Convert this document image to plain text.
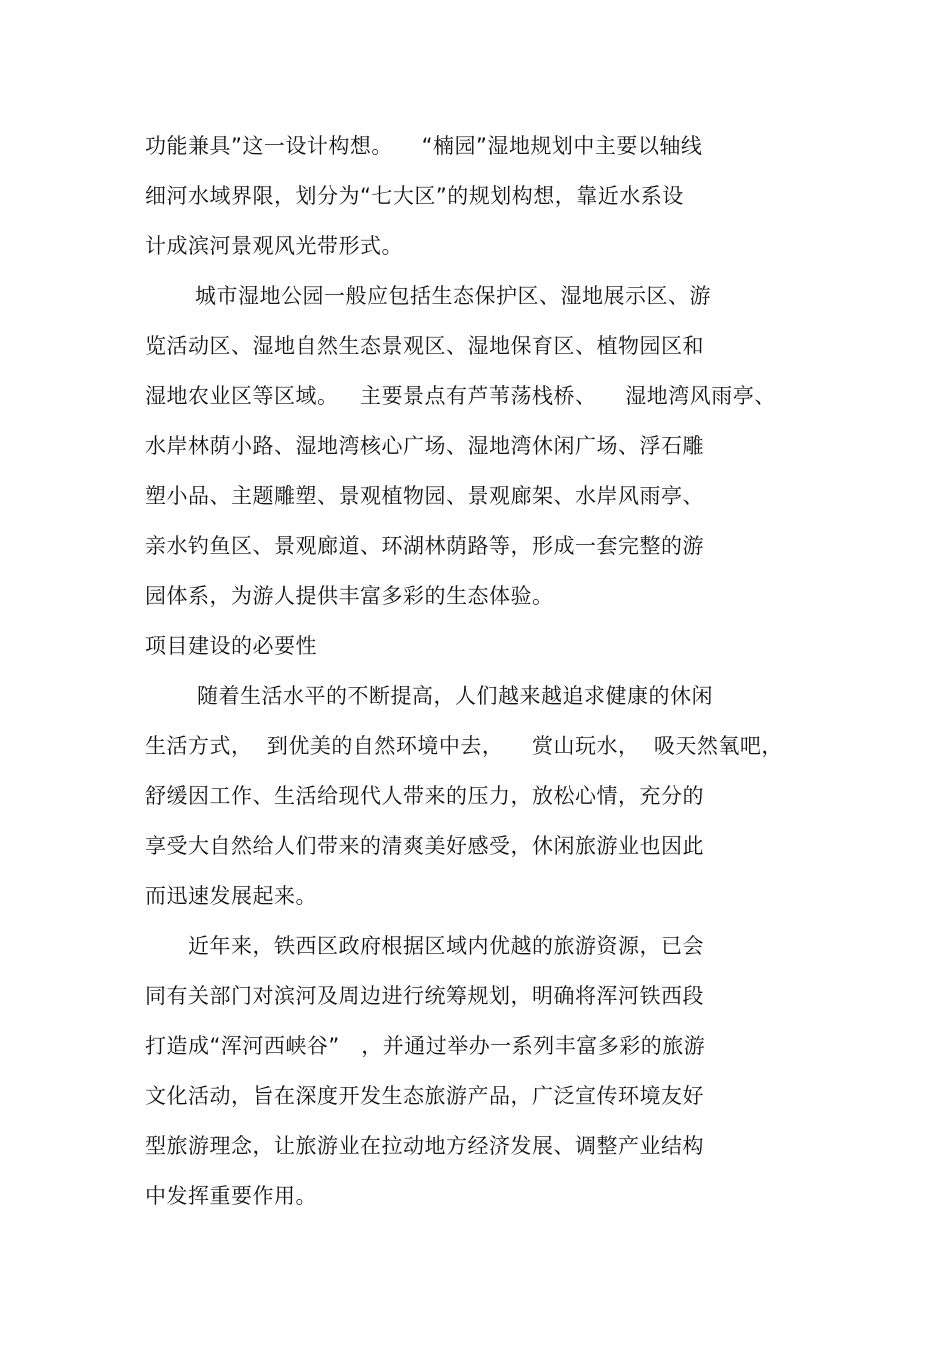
功能兼具”这一设计构想。    “楠园”湿地规划中主要以轴线
细河水域界限，划分为“七大区”的规划构想，靠近水系设
计成滨河景观风光带形式。
城市湿地公园一般应包括生态保护区、湿地展示区、游
览活动区、湿地自然生态景观区、湿地保育区、植物园区和
湿地农业区等区域。   主要景点有芦苇荡栈桥、    湿地湾风雨亭、
水岸林荫小路、湿地湾核心广场、湿地湾休闲广场、浮石雕
塑小品、主题雕塑、景观植物园、景观廊架、水岸风雨亭、
亲水钓鱼区、景观廊道、环湖林荫路等，形成一套完整的游
园体系，为游人提供丰富多彩的生态体验。
项目建设的必要性
随着生活水平的不断提高，人们越来越追求健康的休闲
生活方式，  到优美的自然环境中去，    赏山玩水，  吸天然氧吧，
舒缓因工作、生活给现代人带来的压力，放松心情，充分的
享受大自然给人们带来的清爽美好感受，休闲旅游业也因此
而迅速发展起来。
近年来，铁西区政府根据区域内优越的旅游资源，已会
同有关部门对滨河及周边进行统筹规划，明确将浑河铁西段
打造成“浑河西峡谷”   ，并通过举办一系列丰富多彩的旅游
文化活动，旨在深度开发生态旅游产品，广泛宣传环境友好
型旅游理念，让旅游业在拉动地方经济发展、调整产业结构
中发挥重要作用。
